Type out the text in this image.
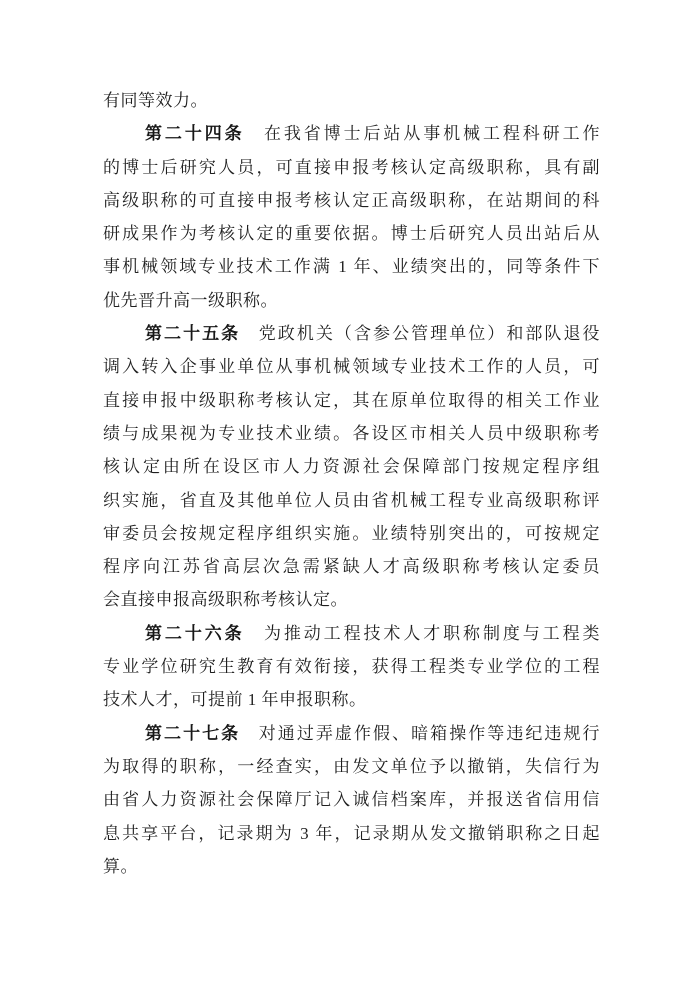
有同等效力。
第二十四条 在我省博士后站从事机械工程科研工作
的博士后研究人员，可直接申报考核认定高级职称，具有副
高级职称的可直接申报考核认定正高级职称，在站期间的科
研成果作为考核认定的重要依据。博士后研究人员出站后从
事机械领域专业技术工作满 1 年、业绩突出的，同等条件下
优先晋升高一级职称。
第二十五条 党政机关（含参公管理单位）和部队退役
调入转入企事业单位从事机械领域专业技术工作的人员，可
直接申报中级职称考核认定，其在原单位取得的相关工作业
绩与成果视为专业技术业绩。各设区市相关人员中级职称考
核认定由所在设区市人力资源社会保障部门按规定程序组
织实施，省直及其他单位人员由省机械工程专业高级职称评
审委员会按规定程序组织实施。业绩特别突出的，可按规定
程序向江苏省高层次急需紧缺人才高级职称考核认定委员
会直接申报高级职称考核认定。
第二十六条 为推动工程技术人才职称制度与工程类
专业学位研究生教育有效衔接，获得工程类专业学位的工程
技术人才，可提前 1 年申报职称。
第二十七条 对通过弄虚作假、暗箱操作等违纪违规行
为取得的职称，一经查实，由发文单位予以撤销，失信行为
由省人力资源社会保障厅记入诚信档案库，并报送省信用信
息共享平台，记录期为 3 年，记录期从发文撤销职称之日起
算。
